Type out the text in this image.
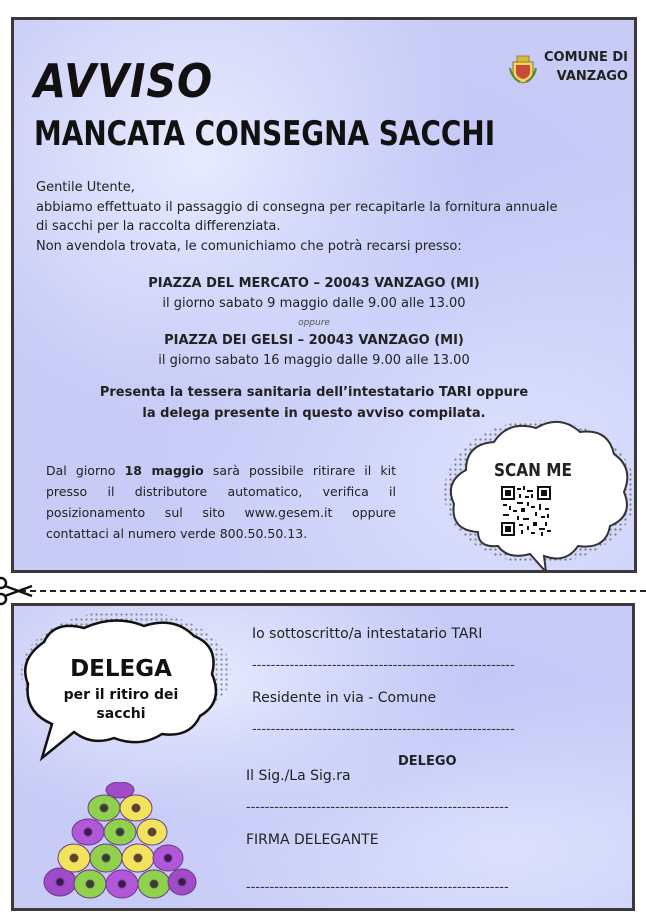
AVVISO
MANCATA CONSEGNA SACCHI
COMUNE DI
VANZAGO
Gentile Utente,
abbiamo effettuato il passaggio di consegna per recapitarle la fornitura annuale
di sacchi per la raccolta differenziata.
Non avendola trovata, le comunichiamo che potrà recarsi presso:
PIAZZA DEL MERCATO – 20043 VANZAGO (MI)
il giorno sabato 9 maggio dalle 9.00 alle 13.00
oppure
PIAZZA DEI GELSI – 20043 VANZAGO (MI)
il giorno sabato 16 maggio dalle 9.00 alle 13.00
Presenta la tessera sanitaria dell’intestatario TARI oppure
la delega presente in questo avviso compilata.
Dal giorno 18 maggio sarà possibile ritirare il kit
presso il distributore automatico, verifica il
posizionamento sul sito www.gesem.it oppure
contattaci al numero verde 800.50.50.13.
SCAN ME
DELEGA
per il ritiro dei
sacchi
Io sottoscritto/a intestatario TARI
--------------------------------------------------------
Residente in via - Comune
--------------------------------------------------------
DELEGO
Il Sig./La Sig.ra
--------------------------------------------------------
FIRMA DELEGANTE
--------------------------------------------------------
